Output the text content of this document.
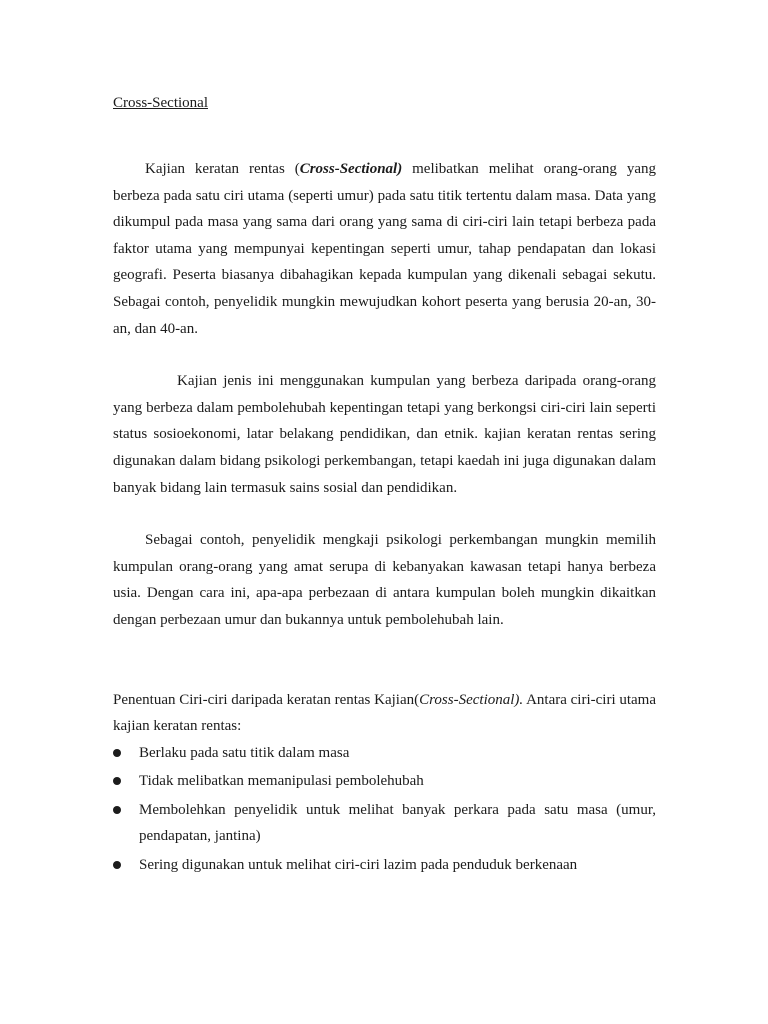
Cross-Sectional

Kajian keratan rentas (Cross-Sectional) melibatkan melihat orang-orang yang berbeza pada satu ciri utama (seperti umur) pada satu titik tertentu dalam masa. Data yang dikumpul pada masa yang sama dari orang yang sama di ciri-ciri lain tetapi berbeza pada faktor utama yang mempunyai kepentingan seperti umur, tahap pendapatan dan lokasi geografi. Peserta biasanya dibahagikan kepada kumpulan yang dikenali sebagai sekutu. Sebagai contoh, penyelidik mungkin mewujudkan kohort peserta yang berusia 20-an, 30-an, dan 40-an.

Kajian jenis ini menggunakan kumpulan yang berbeza daripada orang-orang yang berbeza dalam pembolehubah kepentingan tetapi yang berkongsi ciri-ciri lain seperti status sosioekonomi, latar belakang pendidikan, dan etnik. kajian keratan rentas sering digunakan dalam bidang psikologi perkembangan, tetapi kaedah ini juga digunakan dalam banyak bidang lain termasuk sains sosial dan pendidikan.

Sebagai contoh, penyelidik mengkaji psikologi perkembangan mungkin memilih kumpulan orang-orang yang amat serupa di kebanyakan kawasan tetapi hanya berbeza usia. Dengan cara ini, apa-apa perbezaan di antara kumpulan boleh mungkin dikaitkan dengan perbezaan umur dan bukannya untuk pembolehubah lain.

Penentuan Ciri-ciri daripada keratan rentas Kajian(Cross-Sectional). Antara ciri-ciri utama kajian keratan rentas:

Berlaku pada satu titik dalam masa
Tidak melibatkan memanipulasi pembolehubah
Membolehkan penyelidik untuk melihat banyak perkara pada satu masa (umur, pendapatan, jantina)
Sering digunakan untuk melihat ciri-ciri lazim pada penduduk berkenaan
